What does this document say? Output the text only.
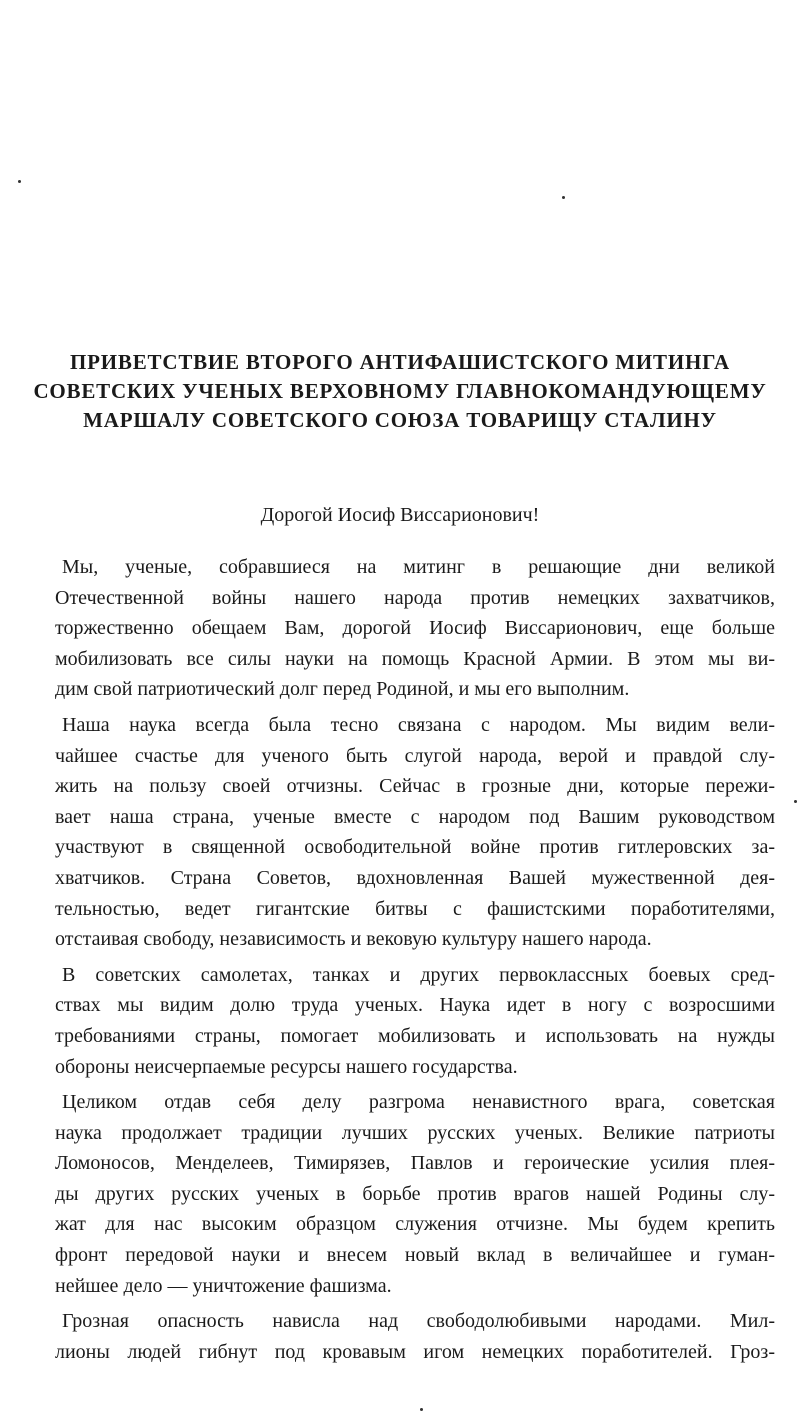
ПРИВЕТСТВИЕ ВТОРОГО АНТИФАШИСТСКОГО МИТИНГА
СОВЕТСКИХ УЧЕНЫХ ВЕРХОВНОМУ ГЛАВНОКОМАНДУЮЩЕМУ
МАРШАЛУ СОВЕТСКОГО СОЮЗА ТОВАРИЩУ СТАЛИНУ

Дорогой Иосиф Виссарионович!

Мы, ученые, собравшиеся на митинг в решающие дни великой
Отечественной войны нашего народа против немецких захватчиков,
торжественно обещаем Вам, дорогой Иосиф Виссарионович, еще больше
мобилизовать все силы науки на помощь Красной Армии. В этом мы ви-
дим свой патриотический долг перед Родиной, и мы его выполним.

Наша наука всегда была тесно связана с народом. Мы видим вели-
чайшее счастье для ученого быть слугой народа, верой и правдой слу-
жить на пользу своей отчизны. Сейчас в грозные дни, которые пережи-
вает наша страна, ученые вместе с народом под Вашим руководством
участвуют в священной освободительной войне против гитлеровских за-
хватчиков. Страна Советов, вдохновленная Вашей мужественной дея-
тельностью, ведет гигантские битвы с фашистскими поработителями,
отстаивая свободу, независимость и вековую культуру нашего народа.

В советских самолетах, танках и других первоклассных боевых сред-
ствах мы видим долю труда ученых. Наука идет в ногу с возросшими
требованиями страны, помогает мобилизовать и использовать на нужды
обороны неисчерпаемые ресурсы нашего государства.

Целиком отдав себя делу разгрома ненавистного врага, советская
наука продолжает традиции лучших русских ученых. Великие патриоты
Ломоносов, Менделеев, Тимирязев, Павлов и героические усилия плея-
ды других русских ученых в борьбе против врагов нашей Родины слу-
жат для нас высоким образцом служения отчизне. Мы будем крепить
фронт передовой науки и внесем новый вклад в величайшее и гуман-
нейшее дело — уничтожение фашизма.

Грозная опасность нависла над свободолюбивыми народами. Мил-
лионы людей гибнут под кровавым игом немецких поработителей. Гроз-
